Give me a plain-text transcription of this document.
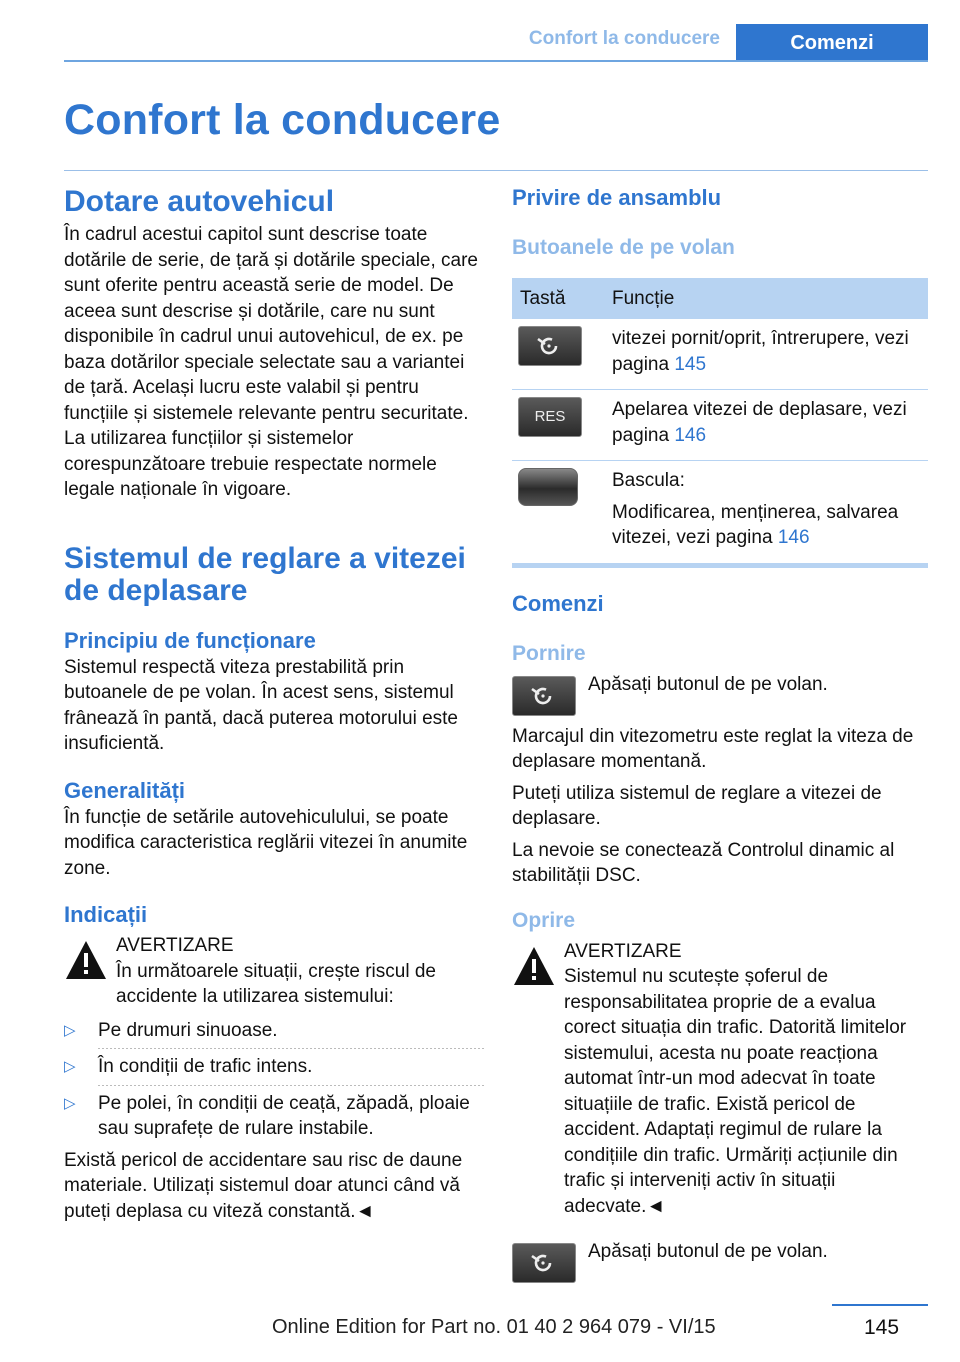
Confort la conducere	Comenzi
Confort la conducere
Dotare autovehicul

În cadrul acestui capitol sunt descrise toate dotările de serie, de țară și dotările speciale, care sunt oferite pentru această serie de model. De aceea sunt descrise și dotările, care nu sunt disponibile în cadrul unui autovehicul, de ex. pe baza dotărilor speciale selectate sau a variantei de țară. Același lucru este valabil și pentru funcțiile și sistemele relevante pentru securitate. La utilizarea funcțiilor și sistemelor corespunzătoare trebuie respectate normele legale naționale în vigoare.

Sistemul de reglare a vitezei de deplasare
Principiu de funcționare

Sistemul respectă viteza prestabilită prin butoanele de pe volan. În acest sens, sistemul frânează în pantă, dacă puterea motorului este insuficientă.

Generalități

În funcție de setările autovehiculului, se poate modifica caracteristica reglării vitezei în anumite zone.

Indicații
AVERTIZARE

În următoarele situații, crește riscul de accidente la utilizarea sistemului:

▷ Pe drumuri sinuoase.
▷ În condiții de trafic intens.
▷ Pe polei, în condiții de ceață, zăpadă, ploaie sau suprafețe de rulare instabile.

Există pericol de accidentare sau risc de daune materiale. Utilizați sistemul doar atunci când vă puteți deplasa cu viteză constantă.◄

Privire de ansamblu
Butoanele de pe volan
Tastă	Funcție

	vitezei pornit/oprit, întrerupere, vezi pagina 145

RES	Apelarea vitezei de deplasare, vezi pagina 146

	Bascula:
Modificarea, menținerea, salvarea vitezei, vezi pagina 146
Comenzi
Pornire

Apăsați butonul de pe volan.

Marcajul din vitezometru este reglat la viteza de deplasare momentană.

Puteți utiliza sistemul de reglare a vitezei de deplasare.

La nevoie se conectează Controlul dinamic al stabilității DSC.

Oprire
AVERTIZARE

Sistemul nu scutește șoferul de responsabilitatea proprie de a evalua corect situația din trafic. Datorită limitelor sistemului, acesta nu poate reacționa automat într-un mod adecvat în toate situațiile de trafic. Există pericol de accident. Adaptați regimul de rulare la condițiile din trafic. Urmăriți acțiunile din trafic și interveniți activ în situații adecvate.◄

Apăsați butonul de pe volan.

145
Online Edition for Part no. 01 40 2 964 079 - VI/15
